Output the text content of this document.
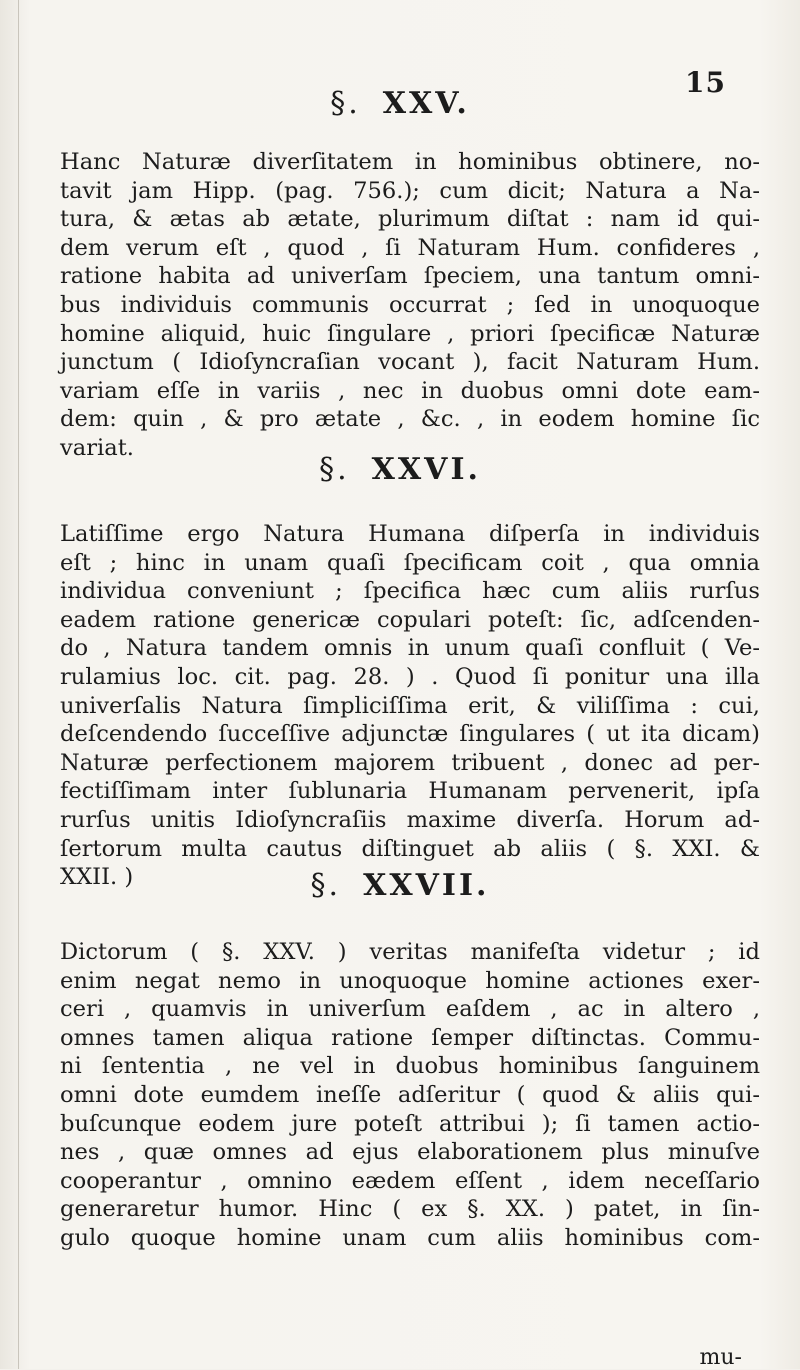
15
§. XXV.
Hanc Naturæ diverſitatem in hominibus obtinere, no-
tavit jam Hipp. (pag. 756.); cum dicit; Natura a Na-
tura, & ætas ab ætate, plurimum diſtat : nam id qui-
dem verum eſt , quod , ſi Naturam Hum. confideres ,
ratione habita ad univerſam ſpeciem, una tantum omni-
bus individuis communis occurrat ; ſed in unoquoque
homine aliquid, huic ſingulare , priori ſpecificæ Naturæ
junctum ( Idioſyncraſian vocant ), facit Naturam Hum.
variam eſſe in variis , nec in duobus omni dote eam-
dem: quin , & pro ætate , &c. , in eodem homine ſic
variat.
§. XXVI.
Latiſſime ergo Natura Humana diſperſa in individuis
eſt ; hinc in unam quaſi ſpecificam coit , qua omnia
individua conveniunt ; ſpecifica hæc cum aliis rurſus
eadem ratione genericæ copulari poteſt: ſic, adſcenden-
do , Natura tandem omnis in unum quaſi confluit ( Ve-
rulamius loc. cit. pag. 28. ) . Quod ſi ponitur una illa
univerſalis Natura ſimpliciſſima erit, & viliſſima : cui,
deſcendendo ſucceſſive adjunctæ ſingulares ( ut ita dicam)
Naturæ perfectionem majorem tribuent , donec ad per-
fectiſſimam inter ſublunaria Humanam pervenerit, ipſa
rurſus unitis Idioſyncraſiis maxime diverſa. Horum ad-
ſertorum multa cautus diſtinguet ab aliis ( §. XXI. &
XXII. )	§. XXVII.
Dictorum ( §. XXV. ) veritas manifeſta videtur ; id
enim negat nemo in unoquoque homine actiones exer-
ceri , quamvis in univerſum eaſdem , ac in altero ,
omnes tamen aliqua ratione ſemper diſtinctas. Commu-
ni ſententia , ne vel in duobus hominibus ſanguinem
omni dote eumdem ineſſe adſeritur ( quod & aliis qui-
buſcunque eodem jure poteſt attribui ); ſi tamen actio-
nes , quæ omnes ad ejus elaborationem plus minuſve
cooperantur , omnino eædem eſſent , idem neceſſario
generaretur humor. Hinc ( ex §. XX. ) patet, in ſin-
gulo quoque homine unam cum aliis hominibus com-
mu-
